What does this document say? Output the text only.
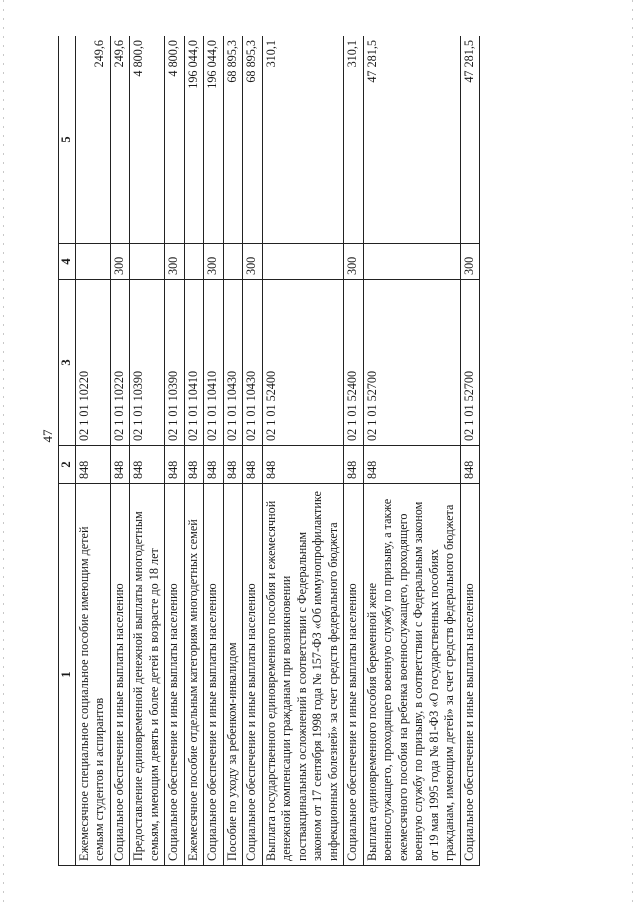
47
1	2	3	4	5
Ежемесячное специальное социальное пособие имеющим детей семьям студентов и аспирантов	848	02 1 01 10220		249,6
Социальное обеспечение и иные выплаты населению	848	02 1 01 10220	300	249,6
Предоставление единовременной денежной выплаты многодетным семьям, имеющим девять и более детей в возрасте до 18 лет	848	02 1 01 10390		4 800,0
Социальное обеспечение и иные выплаты населению	848	02 1 01 10390	300	4 800,0
Ежемесячное пособие отдельным категориям многодетных семей	848	02 1 01 10410		196 044,0
Социальное обеспечение и иные выплаты населению	848	02 1 01 10410	300	196 044,0
Пособие по уходу за ребенком-инвалидом	848	02 1 01 10430		68 895,3
Социальное обеспечение и иные выплаты населению	848	02 1 01 10430	300	68 895,3
Выплата государственного единовременного пособия и ежемесячной денежной компенсации гражданам при возникновении поствакцинальных осложнений в соответствии с Федеральным законом от 17 сентября 1998 года № 157-ФЗ «Об иммунопрофилактике инфекционных болезней» за счет средств федерального бюджета	848	02 1 01 52400		310,1
Социальное обеспечение и иные выплаты населению	848	02 1 01 52400	300	310,1
Выплата единовременного пособия беременной жене военнослужащего, проходящего военную службу по призыву, а также ежемесячного пособия на ребенка военнослужащего, проходящего военную службу по призыву, в соответствии с Федеральным законом от 19 мая 1995 года № 81-ФЗ «О государственных пособиях гражданам, имеющим детей» за счет средств федерального бюджета	848	02 1 01 52700		47 281,5
Социальное обеспечение и иные выплаты населению	848	02 1 01 52700	300	47 281,5
